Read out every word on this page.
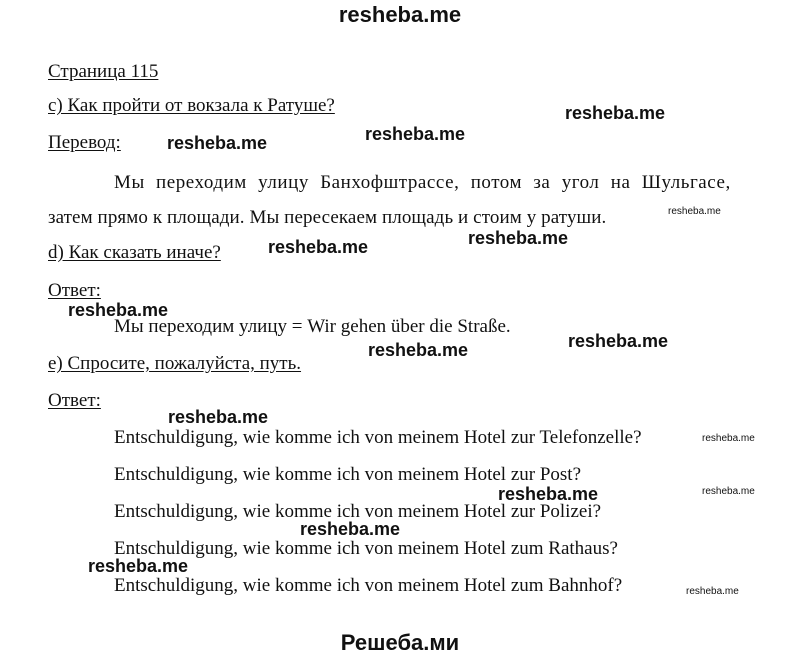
resheba.me
Страница 115
c) Как пройти от вокзала к Ратуше?
Перевод:
Мы переходим улицу Банхофштрассе, потом за угол на Шульгасе,
затем прямо к площади. Мы пересекаем площадь и стоим у ратуши.
d) Как сказать иначе?
Ответ:
Мы переходим улицу = Wir gehen über die Straße.
e) Спросите, пожалуйста, путь.
Ответ:
Entschuldigung, wie komme ich von meinem Hotel zur Telefonzelle?
Entschuldigung, wie komme ich von meinem Hotel zur Post?
Entschuldigung, wie komme ich von meinem Hotel zur Polizei?
Entschuldigung, wie komme ich von meinem Hotel zum Rathaus?
Entschuldigung, wie komme ich von meinem Hotel zum Bahnhof?
resheba.me
resheba.me	resheba.me
resheba.me
resheba.me	resheba.me
resheba.me
resheba.me	resheba.me
resheba.me
resheba.me
resheba.me	resheba.me
resheba.me
resheba.me
resheba.me
Решеба.ми
